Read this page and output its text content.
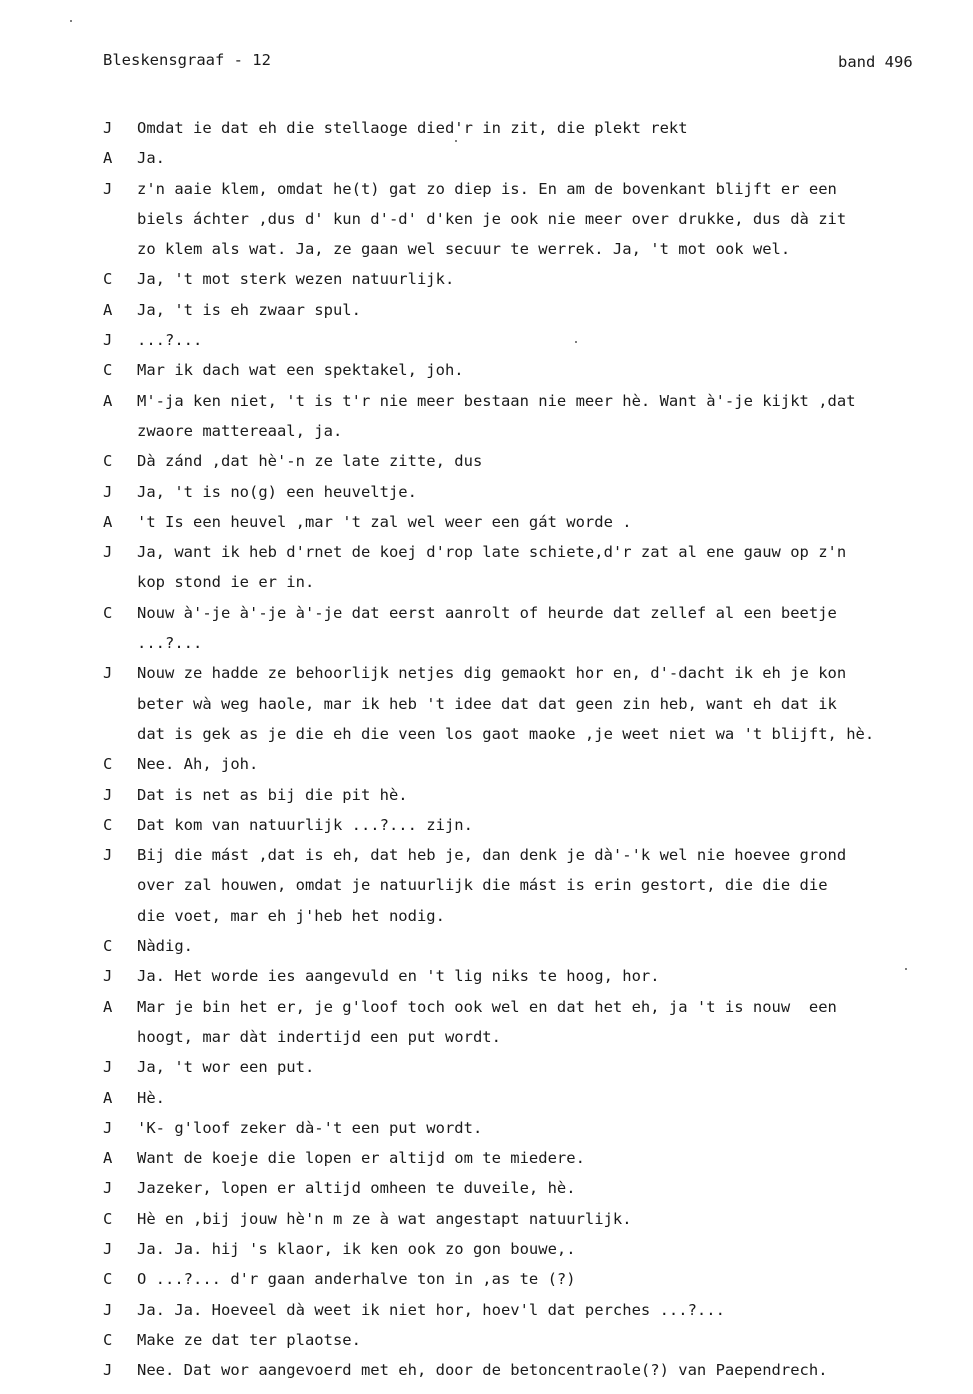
Bleskensgraaf - 12	band 496
J	Omdat ie dat eh die stellaoge died'r in zit, die plekt rekt
A	Ja.
J	z'n aaie klem, omdat he(t) gat zo diep is. En am de bovenkant blijft er een
biels áchter ,dus d' kun d'-d' d'ken je ook nie meer over drukke, dus dà zit
zo klem als wat. Ja, ze gaan wel secuur te werrek. Ja, 't mot ook wel.
C	Ja, 't mot sterk wezen natuurlijk.
A	Ja, 't is eh zwaar spul.
J	...?...
C	Mar ik dach wat een spektakel, joh.
A	M'-ja ken niet, 't is t'r nie meer bestaan nie meer hè. Want à'-je kijkt ,dat
zwaore mattereaal, ja.
C	Dà zánd ,dat hè'-n ze late zitte, dus
J	Ja, 't is no(g) een heuveltje.
A	't Is een heuvel ,mar 't zal wel weer een gát worde .
J	Ja, want ik heb d'rnet de koej d'rop late schiete,d'r zat al ene gauw op z'n
kop stond ie er in.
C	Nouw à'-je à'-je à'-je dat eerst aanrolt of heurde dat zellef al een beetje
...?...
J	Nouw ze hadde ze behoorlijk netjes dig gemaokt hor en, d'-dacht ik eh je kon
beter wà weg haole, mar ik heb 't idee dat dat geen zin heb, want eh dat ik
dat is gek as je die eh die veen los gaot maoke ,je weet niet wa 't blijft, hè.
C	Nee. Ah, joh.
J	Dat is net as bij die pit hè.
C	Dat kom van natuurlijk ...?... zijn.
J	Bij die mást ,dat is eh, dat heb je, dan denk je dà'-'k wel nie hoevee grond
over zal houwen, omdat je natuurlijk die mást is erin gestort, die die die
die voet, mar eh j'heb het nodig.
C	Nàdig.
J	Ja. Het worde ies aangevuld en 't lig niks te hoog, hor.
A	Mar je bin het er, je g'loof toch ook wel en dat het eh, ja 't is nouw  een
hoogt, mar dàt indertijd een put wordt.
J	Ja, 't wor een put.
A	Hè.
J	'K- g'loof zeker dà-'t een put wordt.
A	Want de koeje die lopen er altijd om te miedere.
J	Jazeker, lopen er altijd omheen te duveile, hè.
C	Hè en ,bij jouw hè'n m ze à wat angestapt natuurlijk.
J	Ja. Ja. hij 's klaor, ik ken ook zo gon bouwe,.
C	O ...?... d'r gaan anderhalve ton in ,as te (?)
J	Ja. Ja. Hoeveel dà weet ik niet hor, hoev'l dat perches ...?...
C	Make ze dat ter plaotse.
J	Nee. Dat wor aangevoerd met eh, door de betoncentraole(?) van Paependrech.
